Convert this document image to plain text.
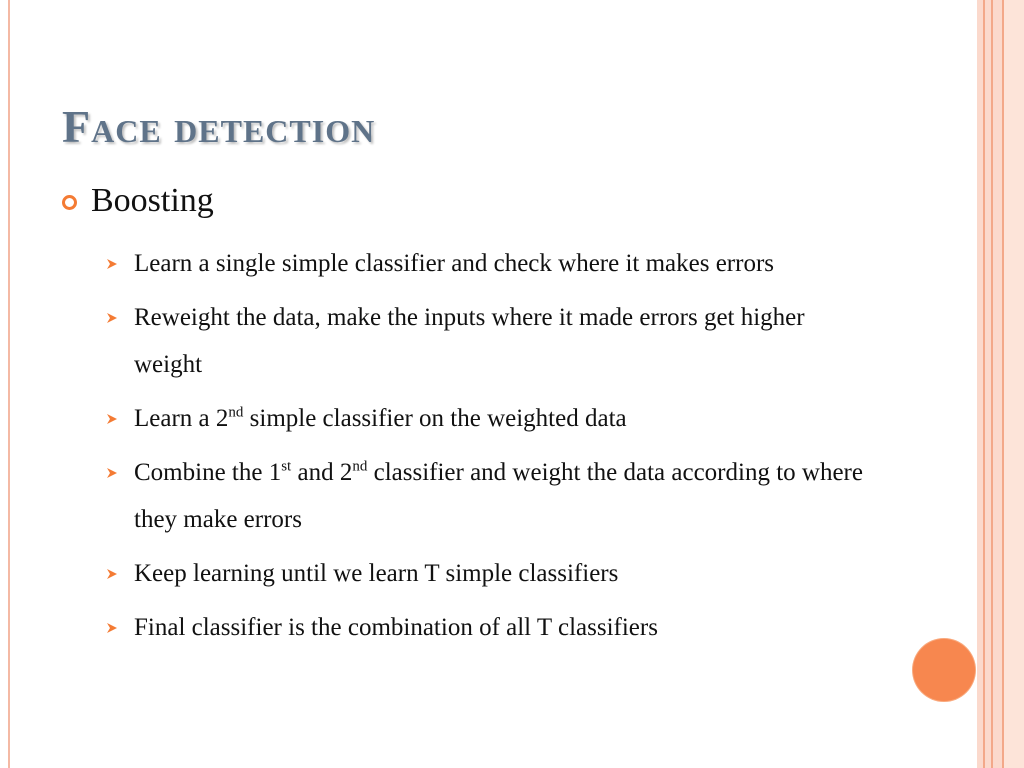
Face detection
Boosting
Learn a single simple classifier and check where it makes errors
Reweight the data, make the inputs where it made errors get higher weight
Learn a 2nd simple classifier on the weighted data
Combine the 1st and 2nd classifier and weight the data according to where they make errors
Keep learning until we learn T simple classifiers
Final classifier is the combination of all T classifiers
